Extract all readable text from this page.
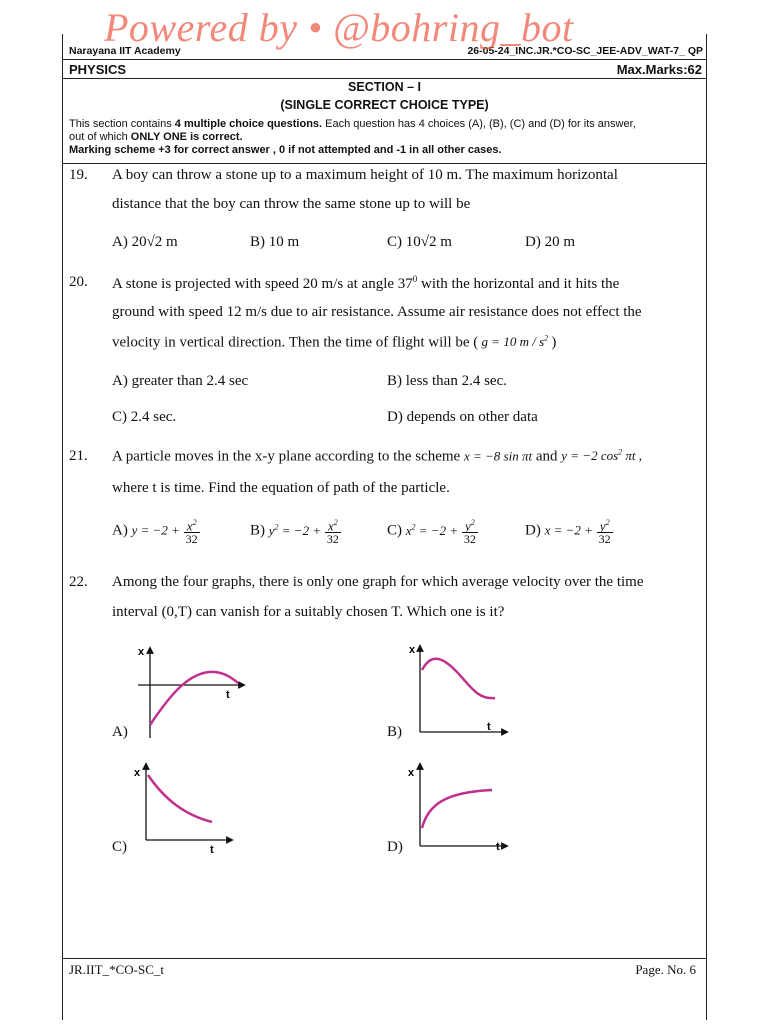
Narayana IIT Academy	26-05-24_INC.JR.*CO-SC_JEE-ADV_WAT-7_ QP
PHYSICS	Max.Marks:62
SECTION – I
(SINGLE CORRECT CHOICE TYPE)
This section contains 4 multiple choice questions. Each question has 4 choices (A), (B), (C) and (D) for its answer,
out of which ONLY ONE is correct.
Marking scheme +3 for correct answer , 0 if not attempted and -1 in all other cases.
19. A boy can throw a stone up to a maximum height of 10 m. The maximum horizontal
distance that the boy can throw the same stone up to will be
A) 20√2 m	B) 10 m	C) 10√2 m	D) 20 m
20. A stone is projected with speed 20 m/s at angle $37^0$ with the horizontal and it hits the
ground with speed 12 m/s due to air resistance. Assume air resistance does not effect the
velocity in vertical direction. Then the time of flight will be ( g = 10 m / $s^2$ )
A) greater than 2.4 sec	B) less than 2.4 sec.
C) 2.4 sec.	D) depends on other data
21. A particle moves in the x-y plane according to the scheme x = −8 sin πt and y = −2 $\cos^2 \pi t$ ,
where t is time. Find the equation of path of the particle.
A) $y = -2 + \frac{x^2}{32}$	B) $y^2 = -2 + \frac{x^2}{32}$	C) $x^2 = -2 + \frac{y^2}{32}$	D) $x = -2 + \frac{y^2}{32}$
22. Among the four graphs, there is only one graph for which average velocity over the time
interval (0,T) can vanish for a suitably chosen T. Which one is it?
x
t
A)
x
t
B)
x
t
C)
x
t
D)
JR.IIT_*CO-SC_t	Page. No. 6
Powered by • @bohring_bot
